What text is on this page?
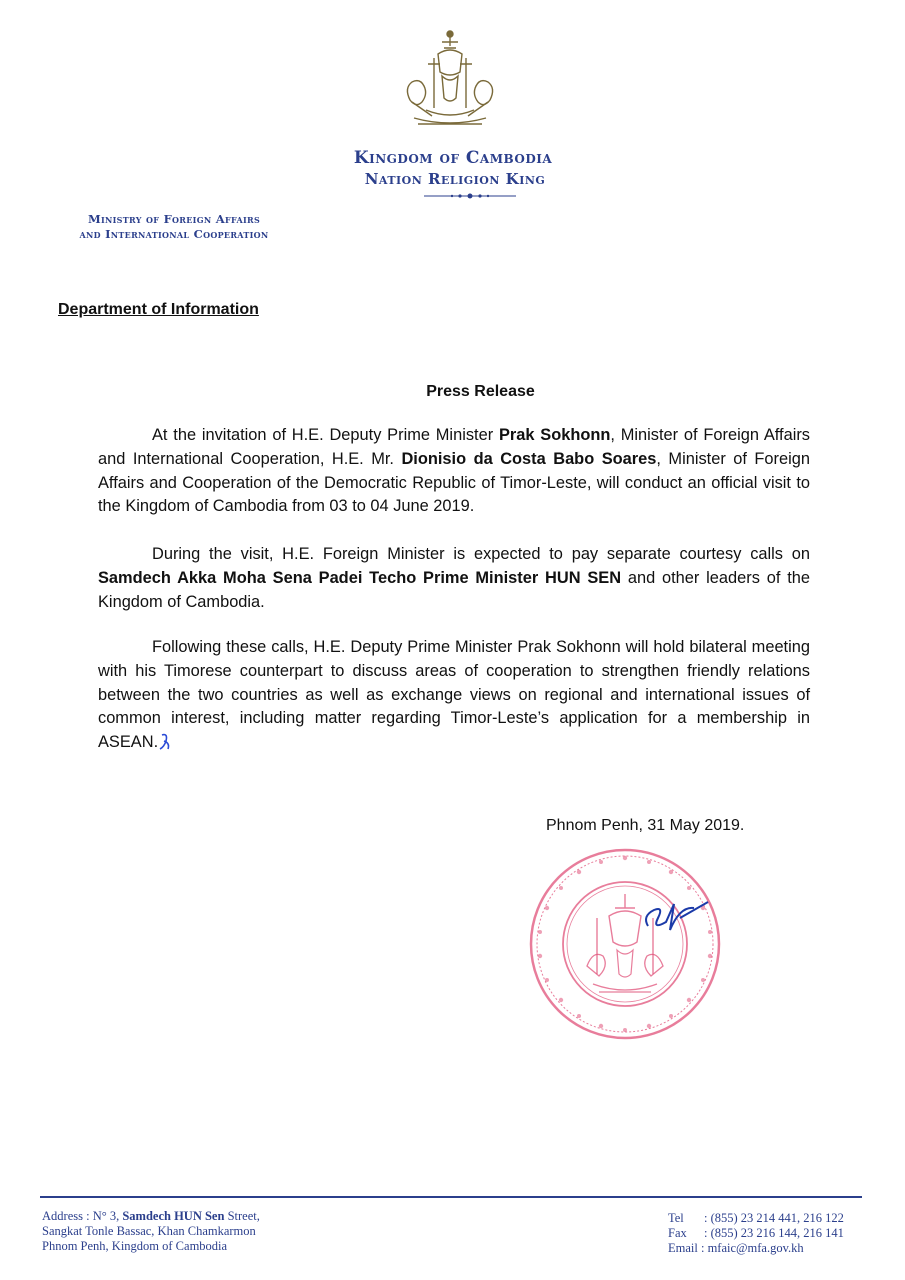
Kingdom of Cambodia
Nation Religion King
Ministry of Foreign Affairs
and International Cooperation
Department of Information
Press Release
At the invitation of H.E. Deputy Prime Minister Prak Sokhonn, Minister of Foreign Affairs and International Cooperation, H.E. Mr. Dionisio da Costa Babo Soares, Minister of Foreign Affairs and Cooperation of the Democratic Republic of Timor-Leste, will conduct an official visit to the Kingdom of Cambodia from 03 to 04 June 2019.
During the visit, H.E. Foreign Minister is expected to pay separate courtesy calls on Samdech Akka Moha Sena Padei Techo Prime Minister HUN SEN and other leaders of the Kingdom of Cambodia.
Following these calls, H.E. Deputy Prime Minister Prak Sokhonn will hold bilateral meeting with his Timorese counterpart to discuss areas of cooperation to strengthen friendly relations between the two countries as well as exchange views on regional and international issues of common interest, including matter regarding Timor-Leste’s application for a membership in ASEAN.
Phnom Penh, 31 May 2019.
Address : N° 3, Samdech HUN Sen Street,
Sangkat Tonle Bassac, Khan Chamkarmon
Phnom Penh, Kingdom of Cambodia
Tel : (855) 23 214 441, 216 122
Fax : (855) 23 216 144, 216 141
Email : mfaic@mfa.gov.kh
